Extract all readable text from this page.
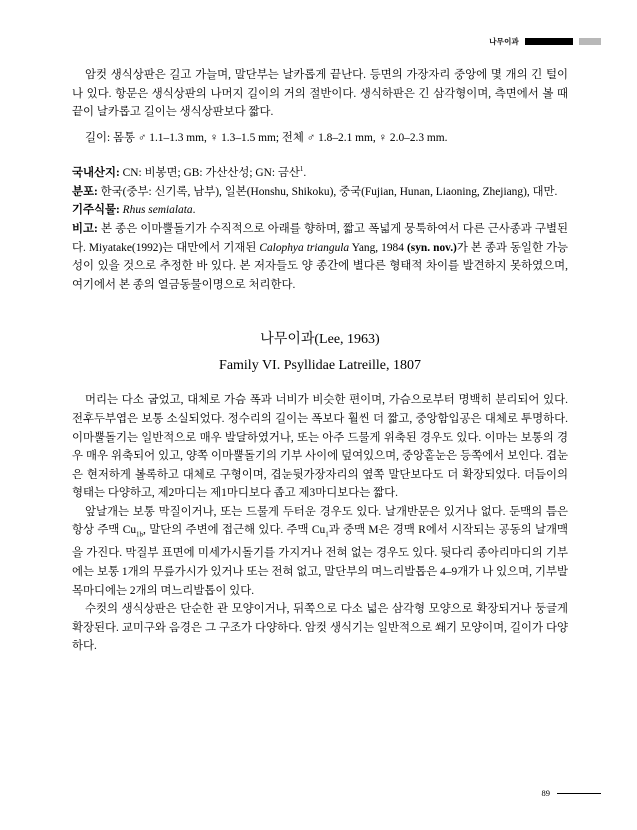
나무이과

암컷 생식상판은 길고 가늘며, 말단부는 날카롭게 끝난다. 등면의 가장자리 중앙에 몇 개의 긴 털이 나 있다. 항문은 생식상판의 나머지 길이의 거의 절반이다. 생식하판은 긴 삼각형이며, 측면에서 볼 때 끝이 날카롭고 길이는 생식상판보다 짧다.

길이: 몸통 ♂ 1.1–1.3 mm, ♀ 1.3–1.5 mm; 전체 ♂ 1.8–2.1 mm, ♀ 2.0–2.3 mm.

국내산지: CN: 비봉면; GB: 가산산성; GN: 금산$^1$.

분포: 한국(중부: 신기록, 남부), 일본(Honshu, Shikoku), 중국(Fujian, Hunan, Liaoning, Zhejiang), 대만.

기주식물: Rhus semialata.

비고: 본 종은 이마뿔돌기가 수직적으로 아래를 향하며, 짧고 폭넓게 뭉툭하여서 다른 근사종과 구별된다. Miyatake(1992)는 대만에서 기재된 Calophya triangula Yang, 1984 (syn. nov.)가 본 종과 동일한 가능성이 있을 것으로 추정한 바 있다. 본 저자들도 양 종간에 별다른 형태적 차이를 발견하지 못하였으며, 여기에서 본 종의 열금동물이명으로 처리한다.

나무이과(Lee, 1963)
Family VI. Psyllidae Latreille, 1807

머리는 다소 굽었고, 대체로 가슴 폭과 너비가 비슷한 편이며, 가슴으로부터 명백히 분리되어 있다. 전후두부엽은 보통 소실되었다. 정수리의 길이는 폭보다 훨씬 더 짧고, 중앙함입공은 대체로 투명하다. 이마뿔돌기는 일반적으로 매우 발달하였거나, 또는 아주 드물게 위축된 경우도 있다. 이마는 보통의 경우 매우 위축되어 있고, 양쪽 이마뿔돌기의 기부 사이에 덮여있으며, 중앙홑눈은 등쪽에서 보인다. 겹눈은 현저하게 볼록하고 대체로 구형이며, 겹눈뒷가장자리의 옆쪽 말단보다도 더 확장되었다. 더듬이의 형태는 다양하고, 제2마디는 제1마디보다 좁고 제3마디보다는 짧다.

앞날개는 보통 막질이거나, 또는 드물게 두터운 경우도 있다. 날개반문은 있거나 없다. 둔맥의 틈은 항상 주맥 $Cu_{1b}$, 말단의 주변에 접근해 있다. 주맥 $Cu_1$과 중맥 M은 경맥 R에서 시작되는 공동의 날개맥을 가진다. 막질부 표면에 미세가시돌기를 가지거나 전혀 없는 경우도 있다. 뒷다리 종아리마디의 기부에는 보통 1개의 무릎가시가 있거나 또는 전혀 없고, 말단부의 며느리발톱은 4–9개가 나 있으며, 기부발목마디에는 2개의 며느리발톱이 있다.

수컷의 생식상판은 단순한 관 모양이거나, 뒤쪽으로 다소 넓은 삼각형 모양으로 확장되거나 둥글게 확장된다. 교미구와 음경은 그 구조가 다양하다. 암컷 생식기는 일반적으로 쐐기 모양이며, 길이가 다양하다.

89
